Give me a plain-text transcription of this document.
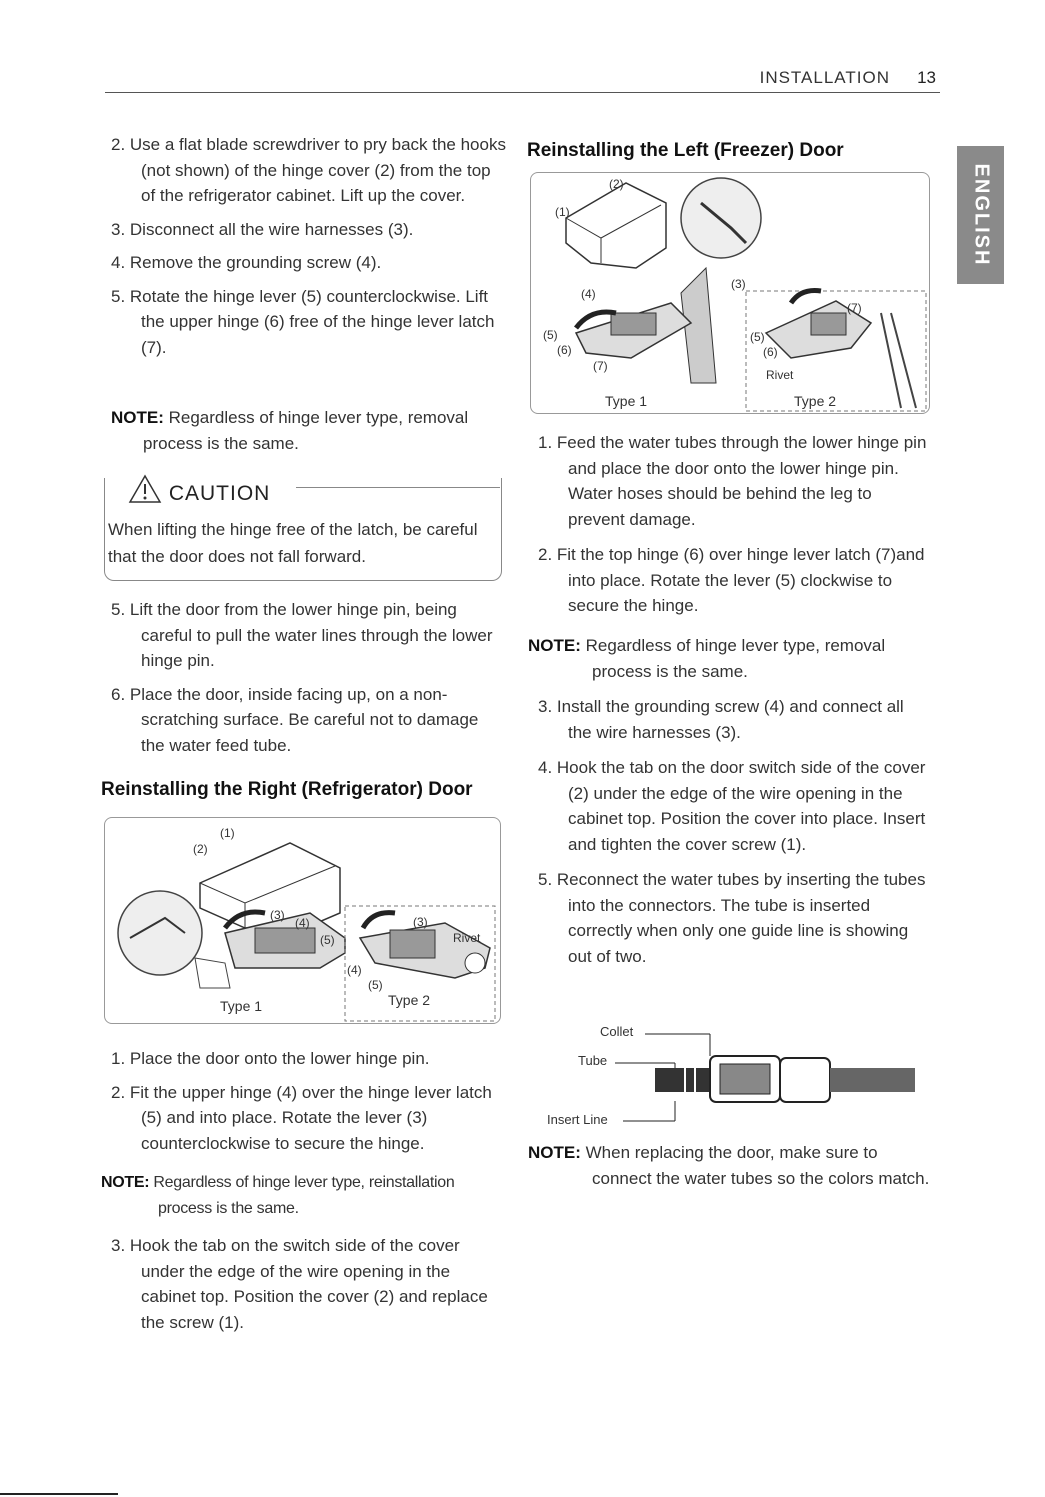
INSTALLATION 13
ENGLISH
2. Use a flat blade screwdriver to pry back the hooks (not shown) of the hinge cover (2) from the top of the refrigerator cabinet. Lift up the cover.
3. Disconnect all the wire harnesses (3).
4. Remove the grounding screw (4).
5. Rotate the hinge lever (5) counterclockwise. Lift the upper hinge (6) free of the hinge lever latch (7).
NOTE: Regardless of hinge lever type, removal process is the same.
CAUTION
When lifting the hinge free of the latch, be careful that the door does not fall forward.
5. Lift the door from the lower hinge pin, being careful to pull the water lines through the lower hinge pin.
6. Place the door, inside facing up, on a non-scratching surface. Be careful not to damage the water feed tube.
Reinstalling the Right (Refrigerator) Door
(1)
(2)
(3)
(4)
(5)
(3)
Rivet
(4)
(5)
Type 1	Type 2
1. Place the door onto the lower hinge pin.
2. Fit the upper hinge (4) over the hinge lever latch (5) and into place. Rotate the lever (3) counterclockwise to secure the hinge.
NOTE: Regardless of hinge lever type, reinstallation process is the same.
3. Hook the tab on the switch side of the cover under the edge of the wire opening in the cabinet top. Position the cover (2) and replace the screw (1).
Reinstalling the Left (Freezer) Door
(2)
(1)
(3)
(4)
(5)
(6)
(7)
(7)
(5)
(6)
Rivet
Type 1	Type 2
1. Feed the water tubes through the lower hinge pin and place the door onto the lower hinge pin. Water hoses should be behind the leg to prevent damage.
2. Fit the top hinge (6) over hinge lever latch (7)and into place. Rotate the lever (5) clockwise to secure the hinge.
NOTE: Regardless of hinge lever type, removal process is the same.
3. Install the grounding screw (4) and connect all the wire harnesses (3).
4. Hook the tab on the door switch side of the cover (2) under the edge of the wire opening in the cabinet top. Position the cover into place. Insert and tighten the cover screw (1).
5. Reconnect the water tubes by inserting the tubes into the connectors. The tube is inserted correctly when only one guide line is showing out of two.
Collet
Tube
Insert Line
NOTE: When replacing the door, make sure to connect the water tubes so the colors match.
